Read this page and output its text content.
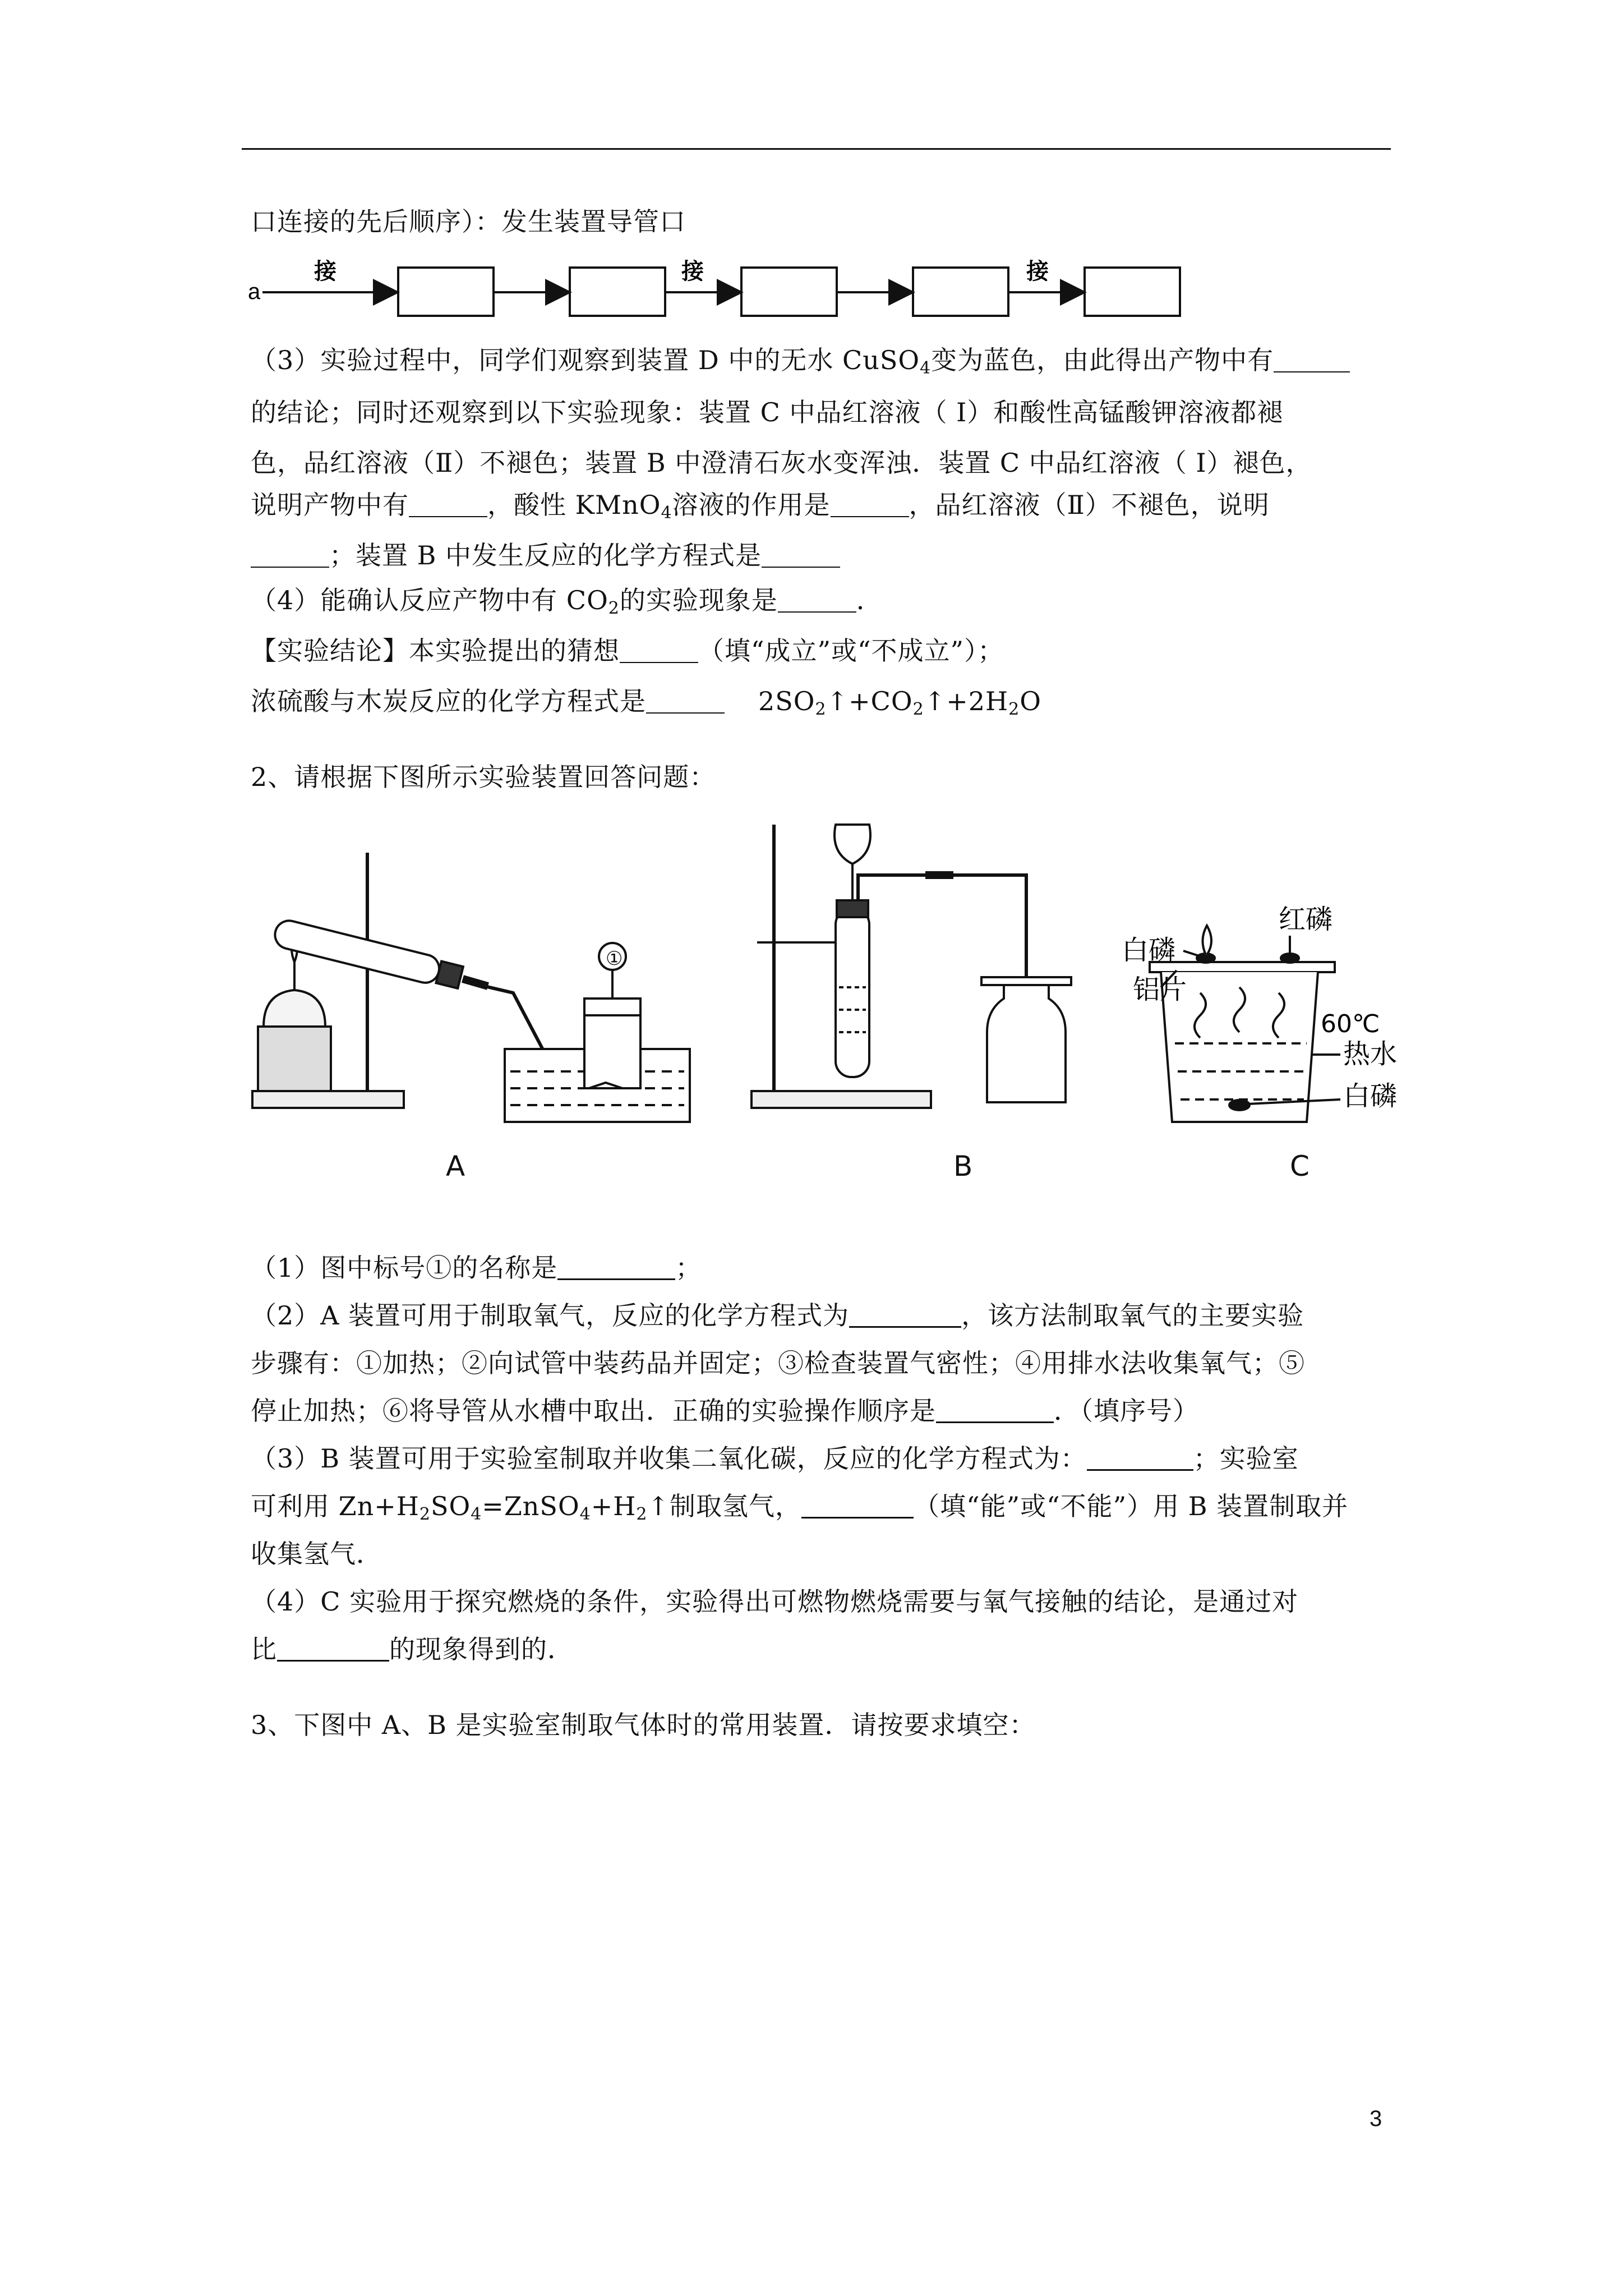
口连接的先后顺序）：发生装置导管口
a
接	接	接
（3）实验过程中，同学们观察到装置 D 中的无水 CuSO$_4$变为蓝色，由此得出产物中有
的结论；同时还观察到以下实验现象：装置 C 中品红溶液（ Ⅰ）和酸性高锰酸钾溶液都褪
色，品红溶液（Ⅱ）不褪色；装置 B 中澄清石灰水变浑浊．装置 C 中品红溶液（ Ⅰ）褪色，
说明产物中有	，酸性 KMnO$_4$溶液的作用是	，品红溶液（Ⅱ）不褪色，说明
；装置 B 中发生反应的化学方程式是
（4）能确认反应产物中有 $CO_2$的实验现象是	．
【实验结论】本实验提出的猜想	（填“成立”或“不成立”）；
浓硫酸与木炭反应的化学方程式是	$2SO_2↑+CO_2↑+2H_2O$
2、请根据下图所示实验装置回答问题：
①
红磷
白磷
铝片
60℃
热水
白磷
A	B	C
（1）图中标号①的名称是	；
（2）A 装置可用于制取氧气，反应的化学方程式为	，该方法制取氧气的主要实验
步骤有：①加热；②向试管中装药品并固定；③检查装置气密性；④用排水法收集氧气；⑤
停止加热；⑥将导管从水槽中取出．正确的实验操作顺序是	．（填序号）
（3）B 装置可用于实验室制取并收集二氧化碳，反应的化学方程式为：	；实验室
可利用 $Zn+H_2SO_4=ZnSO_4+H_2↑$制取氢气，	（填“能”或“不能”）用 B 装置制取并
收集氢气．
（4）C 实验用于探究燃烧的条件，实验得出可燃物燃烧需要与氧气接触的结论，是通过对
比	的现象得到的．
3、下图中 A、B 是实验室制取气体时的常用装置．请按要求填空：
3
